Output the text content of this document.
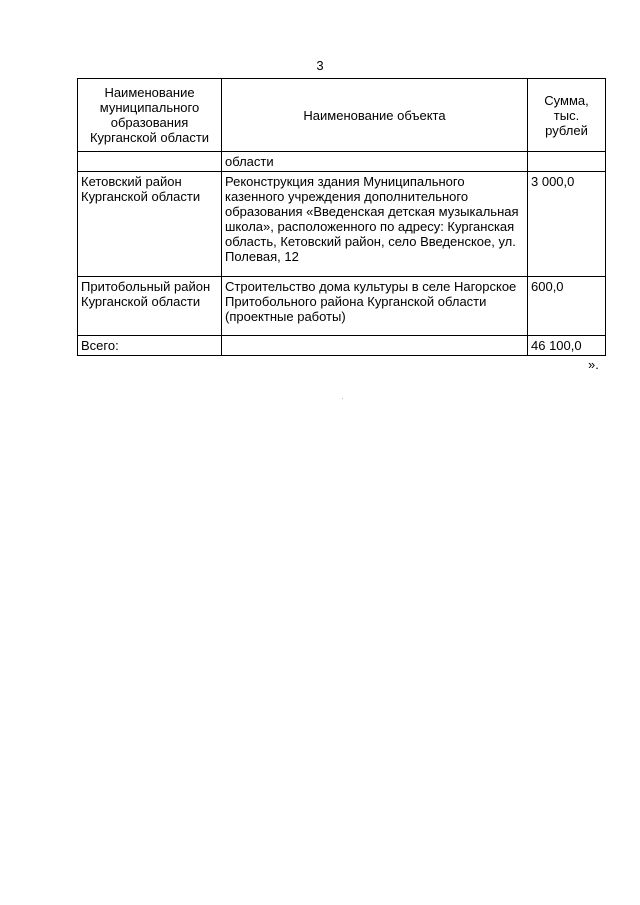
3
Наименование муниципального образования Курганской области	Наименование объекта	Сумма, тыс. рублей
	области	
Кетовский район Курганской области	Реконструкция здания Муниципального казенного учреждения дополнительного образования «Введенская детская музыкальная школа», расположенного по адресу: Курганская область, Кетовский район, село Введенское, ул. Полевая, 12	3 000,0
Притобольный район Курганской области	Строительство дома культуры в селе Нагорское Притобольного района Курганской области (проектные работы)	600,0
Всего:		46 100,0
».
